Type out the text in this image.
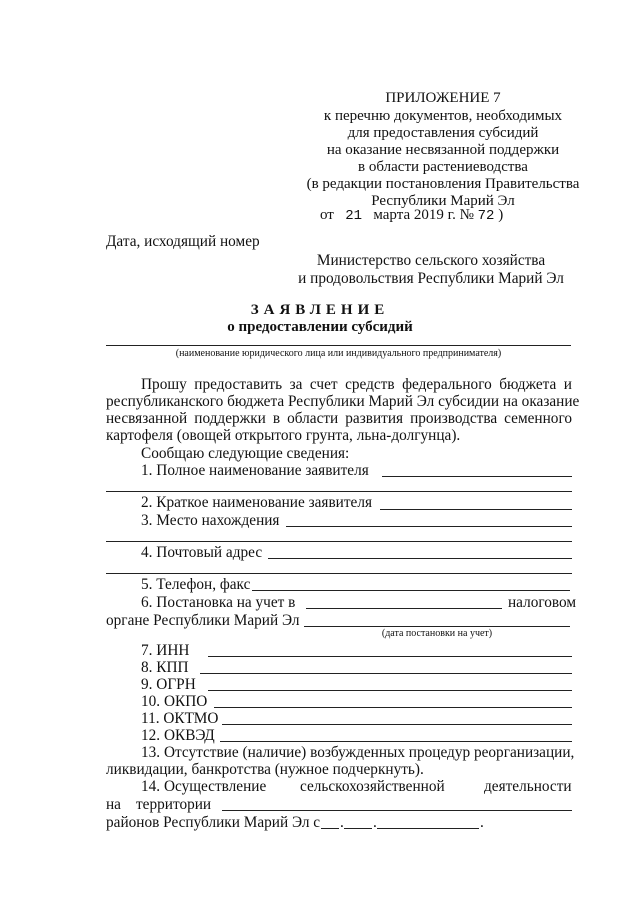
ПРИЛОЖЕНИЕ 7
к перечню документов, необходимых
для предоставления субсидий
на оказание несвязанной поддержки
в области растениеводства
(в редакции постановления Правительства
Республики Марий Эл
от 21 марта 2019 г. № 72 )
Дата, исходящий номер
Министерство сельского хозяйства
и продовольствия Республики Марий Эл
ЗАЯВЛЕНИЕ
о предоставлении субсидий
(наименование юридического лица или индивидуального предпринимателя)
Прошу предоставить за счет средств федерального бюджета и
республиканского бюджета Республики Марий Эл субсидии на оказание
несвязанной поддержки в области развития производства семенного
картофеля (овощей открытого грунта, льна-долгунца).
Сообщаю следующие сведения:
1. Полное наименование заявителя
2. Краткое наименование заявителя
3. Место нахождения
4. Почтовый адрес
5. Телефон, факс
6. Постановка на учет в	налоговом
органе Республики Марий Эл
(дата постановки на учет)
7. ИНН
8. КПП
9. ОГРН
10. ОКПО
11. ОКТМО
12. ОКВЭД
13. Отсутствие (наличие) возбужденных процедур реорганизации,
ликвидации, банкротства (нужное подчеркнуть).
14. Осуществление сельскохозяйственной	деятельности
на территории
районов Республики Марий Эл с . .	.
